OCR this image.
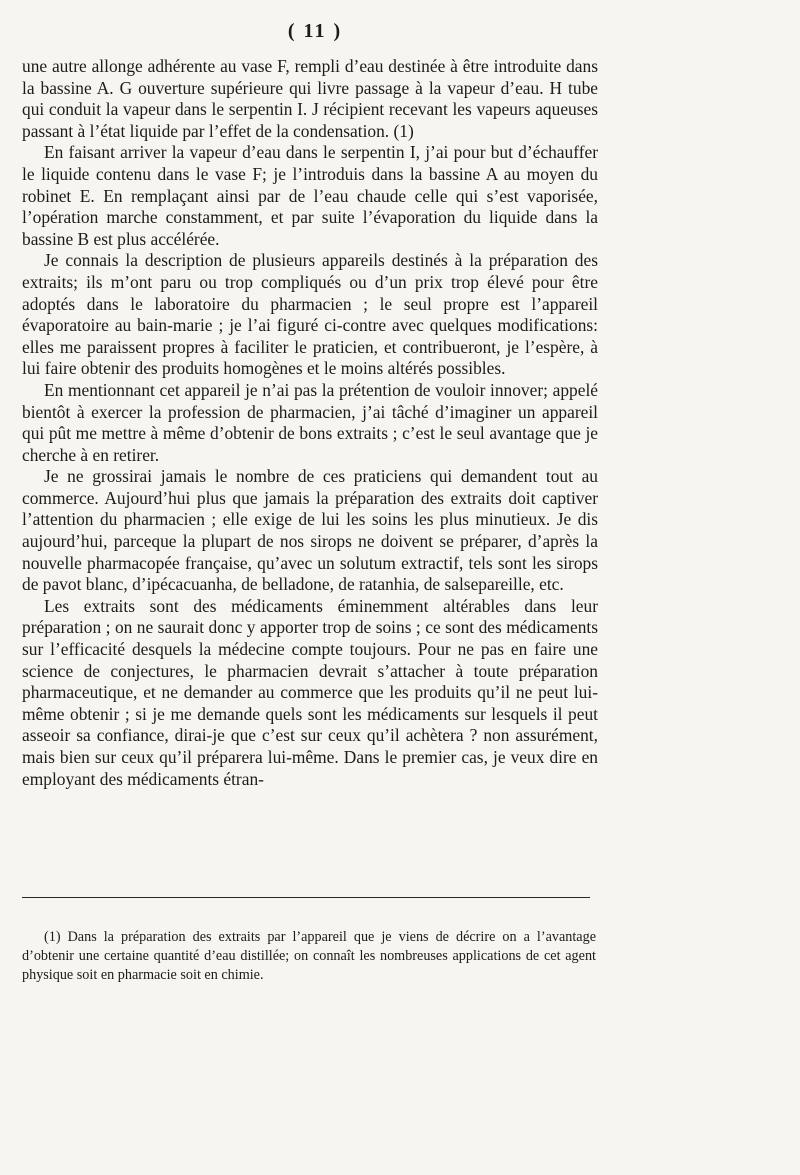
( 11 )

une autre allonge adhérente au vase F, rempli d’eau destinée à être introduite dans la bassine A. G ouverture supérieure qui livre passage à la vapeur d’eau. H tube qui conduit la vapeur dans le serpentin I. J récipient recevant les vapeurs aqueuses passant à l’état liquide par l’effet de la condensation. (1)

En faisant arriver la vapeur d’eau dans le serpentin I, j’ai pour but d’échauffer le liquide contenu dans le vase F; je l’introduis dans la bassine A au moyen du robinet E. En remplaçant ainsi par de l’eau chaude celle qui s’est vaporisée, l’opération marche constamment, et par suite l’évaporation du liquide dans la bassine B est plus accélérée.

Je connais la description de plusieurs appareils destinés à la préparation des extraits; ils m’ont paru ou trop compliqués ou d’un prix trop élevé pour être adoptés dans le laboratoire du pharmacien ; le seul propre est l’appareil évaporatoire au bain-marie ; je l’ai figuré ci-contre avec quelques modifications: elles me paraissent propres à faciliter le praticien, et contribueront, je l’espère, à lui faire obtenir des produits homogènes et le moins altérés possibles.

En mentionnant cet appareil je n’ai pas la prétention de vouloir innover; appelé bientôt à exercer la profession de pharmacien, j’ai tâché d’imaginer un appareil qui pût me mettre à même d’obtenir de bons extraits ; c’est le seul avantage que je cherche à en retirer.

Je ne grossirai jamais le nombre de ces praticiens qui demandent tout au commerce. Aujourd’hui plus que jamais la préparation des extraits doit captiver l’attention du pharmacien ; elle exige de lui les soins les plus minutieux. Je dis aujourd’hui, parceque la plupart de nos sirops ne doivent se préparer, d’après la nouvelle pharmacopée française, qu’avec un solutum extractif, tels sont les sirops de pavot blanc, d’ipécacuanha, de belladone, de ratanhia, de salsepareille, etc.

Les extraits sont des médicaments éminemment altérables dans leur préparation ; on ne saurait donc y apporter trop de soins ; ce sont des médicaments sur l’efficacité desquels la médecine compte toujours. Pour ne pas en faire une science de conjectures, le pharmacien devrait s’attacher à toute préparation pharmaceutique, et ne demander au commerce que les produits qu’il ne peut lui-même obtenir ; si je me demande quels sont les médicaments sur lesquels il peut asseoir sa confiance, dirai-je que c’est sur ceux qu’il achètera ? non assurément, mais bien sur ceux qu’il préparera lui-même. Dans le premier cas, je veux dire en employant des médicaments étran-

(1) Dans la préparation des extraits par l’appareil que je viens de décrire on a l’avantage d’obtenir une certaine quantité d’eau distillée; on connaît les nombreuses applications de cet agent physique soit en pharmacie soit en chimie.
